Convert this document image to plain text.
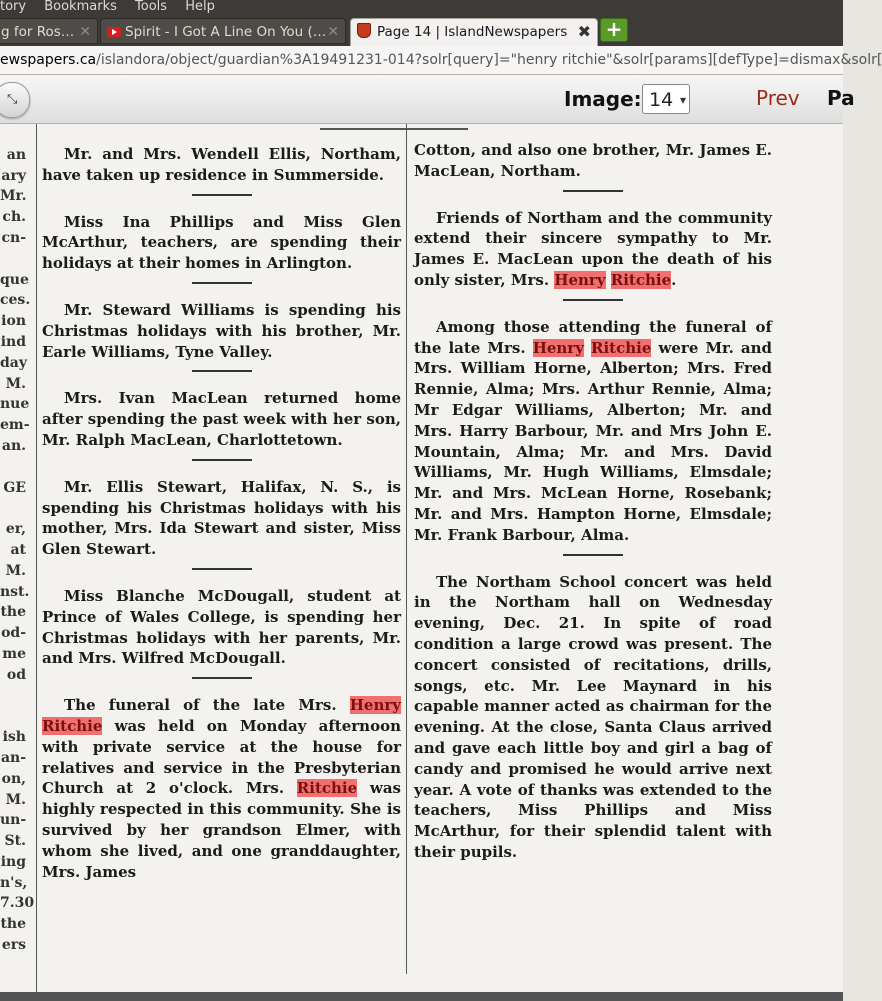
tory Bookmarks Tools Help
g for Ros… ✕	Spirit - I Got A Line On You (… ✕	Page 14 | IslandNewspapers ✖ +
ewspapers.ca/islandora/object/guardian%3A19491231-014?solr[query]="henry ritchie"&solr[params][defType]=dismax&solr[
⤡	Image: 14 ▾	Prev Pa

an
ary
Mr.
ch.
cn-

que
ces.
ion
ind
day
M.
nue
em-
an.

GE

er,
at
M.
nst.
the
od-
me
od

ish
an-
on,
M.
un-
St.
ing
n's,
7.30
the
ers

Mr. and Mrs. Wendell Ellis, Northam, have taken up residence in Summerside.

Miss Ina Phillips and Miss Glen McArthur, teachers, are spending their holidays at their homes in Arlington.

Mr. Steward Williams is spending his Christmas holidays with his brother, Mr. Earle Williams, Tyne Valley.

Mrs. Ivan MacLean returned home after spending the past week with her son, Mr. Ralph MacLean, Charlottetown.

Mr. Ellis Stewart, Halifax, N. S., is spending his Christmas holidays with his mother, Mrs. Ida Stewart and sister, Miss Glen Stewart.

Miss Blanche McDougall, student at Prince of Wales College, is spending her Christmas holidays with her parents, Mr. and Mrs. Wilfred McDougall.

The funeral of the late Mrs. Henry Ritchie was held on Monday afternoon with private service at the house for relatives and service in the Presbyterian Church at 2 o'clock. Mrs. Ritchie was highly respected in this community. She is survived by her grandson Elmer, with whom she lived, and one granddaughter, Mrs. James

Cotton, and also one brother, Mr. James E. MacLean, Northam.

Friends of Northam and the community extend their sincere sympathy to Mr. James E. MacLean upon the death of his only sister, Mrs. Henry Ritchie.

Among those attending the funeral of the late Mrs. Henry Ritchie were Mr. and Mrs. William Horne, Alberton; Mrs. Fred Rennie, Alma; Mrs. Arthur Rennie, Alma; Mr Edgar Williams, Alberton; Mr. and Mrs. Harry Barbour, Mr. and Mrs John E. Mountain, Alma; Mr. and Mrs. David Williams, Mr. Hugh Williams, Elmsdale; Mr. and Mrs. McLean Horne, Rosebank; Mr. and Mrs. Hampton Horne, Elmsdale; Mr. Frank Barbour, Alma.

The Northam School concert was held in the Northam hall on Wednesday evening, Dec. 21. In spite of road condition a large crowd was present. The concert consisted of recitations, drills, songs, etc. Mr. Lee Maynard in his capable manner acted as chairman for the evening. At the close, Santa Claus arrived and gave each little boy and girl a bag of candy and promised he would arrive next year. A vote of thanks was extended to the teachers, Miss Phillips and Miss McArthur, for their splendid talent with their pupils.
